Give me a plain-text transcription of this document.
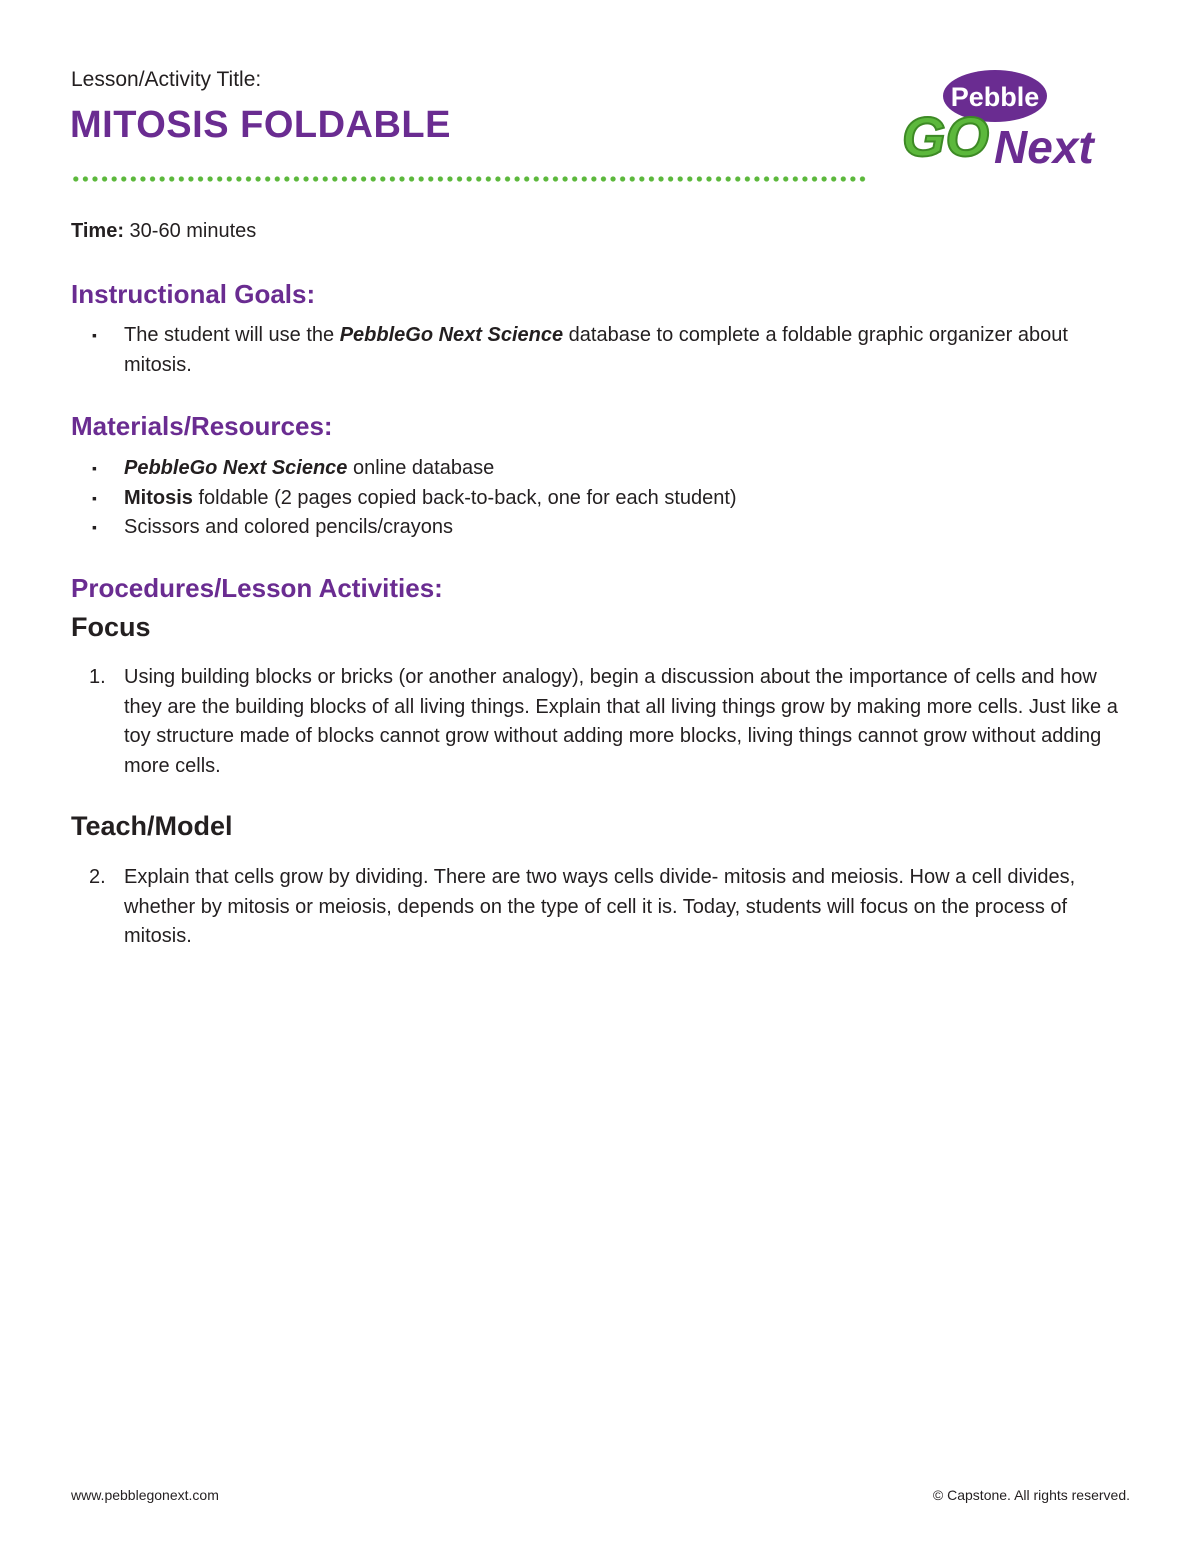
Lesson/Activity Title:
MITOSIS FOLDABLE
Pebble
GO Next
Time: 30-60 minutes
Instructional Goals:
▪ The student will use the PebbleGo Next Science database to complete a foldable graphic organizer about mitosis.
Materials/Resources:
▪ PebbleGo Next Science online database
▪ Mitosis foldable (2 pages copied back-to-back, one for each student)
▪ Scissors and colored pencils/crayons
Procedures/Lesson Activities:
Focus
1. Using building blocks or bricks (or another analogy), begin a discussion about the importance of cells and how they are the building blocks of all living things. Explain that all living things grow by making more cells. Just like a toy structure made of blocks cannot grow without adding more blocks, living things cannot grow without adding more cells.
Teach/Model
2. Explain that cells grow by dividing. There are two ways cells divide- mitosis and meiosis. How a cell divides, whether by mitosis or meiosis, depends on the type of cell it is. Today, students will focus on the process of mitosis.
www.pebblegonext.com	© Capstone. All rights reserved.
